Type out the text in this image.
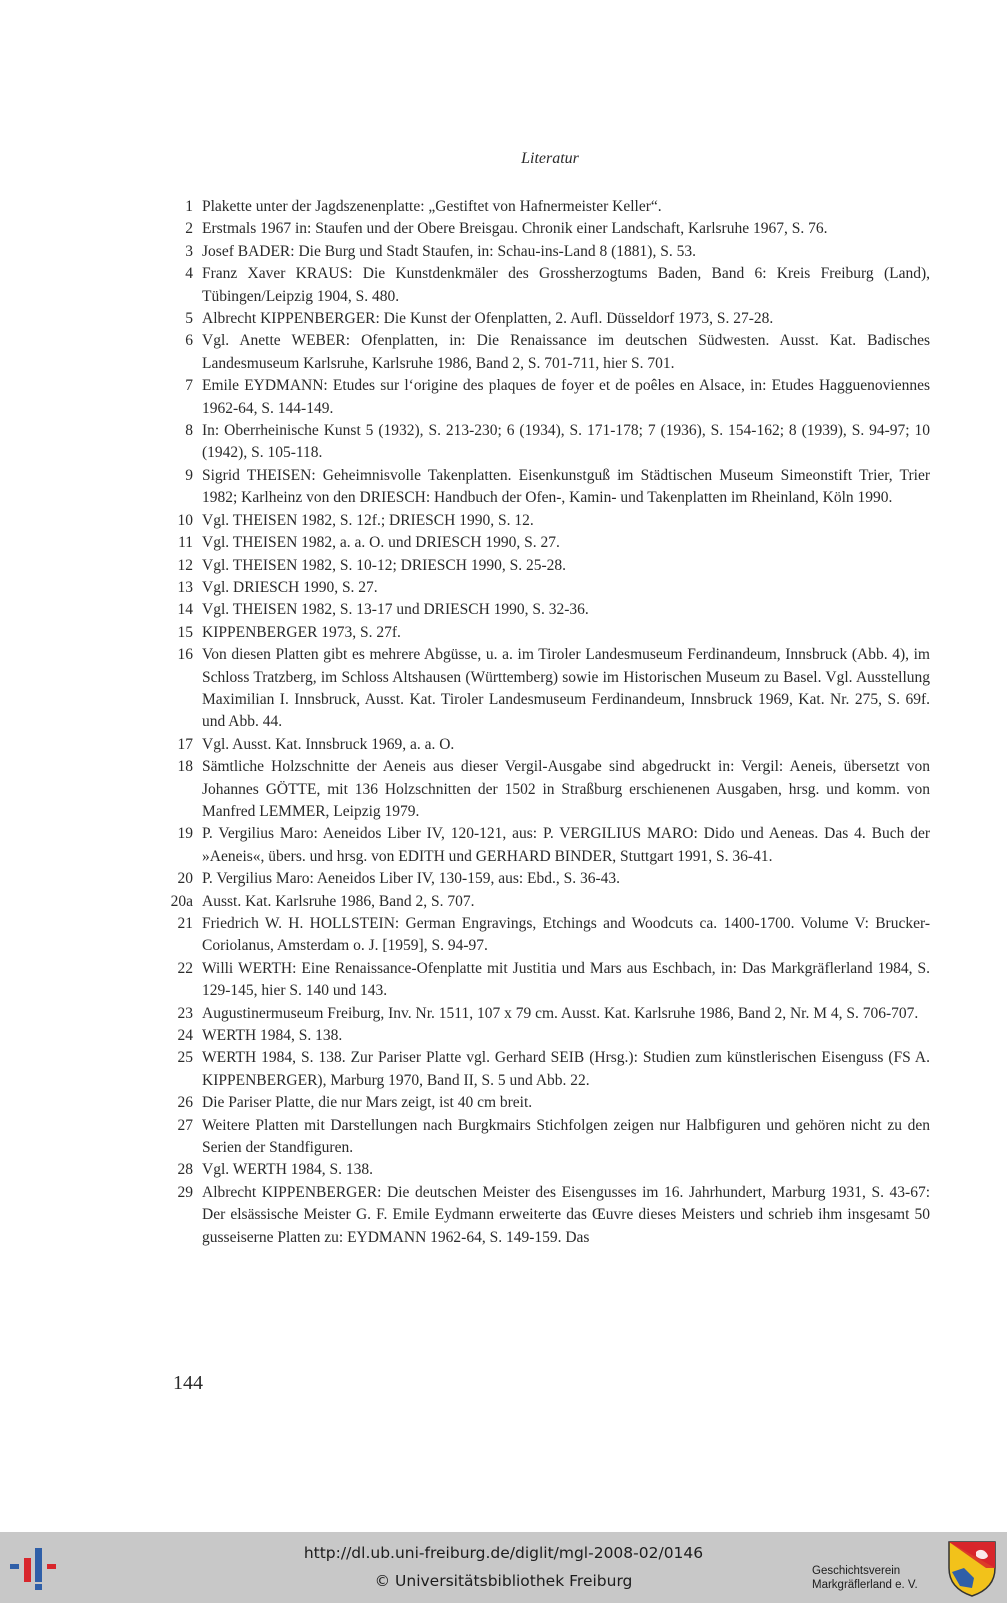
Literatur
1 Plakette unter der Jagdszenenplatte: „Gestiftet von Hafnermeister Keller“.
2 Erstmals 1967 in: Staufen und der Obere Breisgau. Chronik einer Landschaft, Karlsruhe 1967, S. 76.
3 Josef BADER: Die Burg und Stadt Staufen, in: Schau-ins-Land 8 (1881), S. 53.
4 Franz Xaver KRAUS: Die Kunstdenkmäler des Grossherzogtums Baden, Band 6: Kreis Freiburg (Land), Tübingen/Leipzig 1904, S. 480.
5 Albrecht KIPPENBERGER: Die Kunst der Ofenplatten, 2. Aufl. Düsseldorf 1973, S. 27-28.
6 Vgl. Anette WEBER: Ofenplatten, in: Die Renaissance im deutschen Südwesten. Ausst. Kat. Badisches Landesmuseum Karlsruhe, Karlsruhe 1986, Band 2, S. 701-711, hier S. 701.
7 Emile EYDMANN: Etudes sur l‘origine des plaques de foyer et de poêles en Alsace, in: Etudes Hagguenoviennes 1962-64, S. 144-149.
8 In: Oberrheinische Kunst 5 (1932), S. 213-230; 6 (1934), S. 171-178; 7 (1936), S. 154-162; 8 (1939), S. 94-97; 10 (1942), S. 105-118.
9 Sigrid THEISEN: Geheimnisvolle Takenplatten. Eisenkunstguß im Städtischen Museum Simeonstift Trier, Trier 1982; Karlheinz von den DRIESCH: Handbuch der Ofen-, Kamin- und Takenplatten im Rheinland, Köln 1990.
10 Vgl. THEISEN 1982, S. 12f.; DRIESCH 1990, S. 12.
11 Vgl. THEISEN 1982, a. a. O. und DRIESCH 1990, S. 27.
12 Vgl. THEISEN 1982, S. 10-12; DRIESCH 1990, S. 25-28.
13 Vgl. DRIESCH 1990, S. 27.
14 Vgl. THEISEN 1982, S. 13-17 und DRIESCH 1990, S. 32-36.
15 KIPPENBERGER 1973, S. 27f.
16 Von diesen Platten gibt es mehrere Abgüsse, u. a. im Tiroler Landesmuseum Ferdinandeum, Innsbruck (Abb. 4), im Schloss Tratzberg, im Schloss Altshausen (Württemberg) sowie im Historischen Museum zu Basel. Vgl. Ausstellung Maximilian I. Innsbruck, Ausst. Kat. Tiroler Landesmuseum Ferdinandeum, Innsbruck 1969, Kat. Nr. 275, S. 69f. und Abb. 44.
17 Vgl. Ausst. Kat. Innsbruck 1969, a. a. O.
18 Sämtliche Holzschnitte der Aeneis aus dieser Vergil-Ausgabe sind abgedruckt in: Vergil: Aeneis, übersetzt von Johannes GÖTTE, mit 136 Holzschnitten der 1502 in Straßburg erschienenen Ausgaben, hrsg. und komm. von Manfred LEMMER, Leipzig 1979.
19 P. Vergilius Maro: Aeneidos Liber IV, 120-121, aus: P. VERGILIUS MARO: Dido und Aeneas. Das 4. Buch der »Aeneis«, übers. und hrsg. von EDITH und GERHARD BINDER, Stuttgart 1991, S. 36-41.
20 P. Vergilius Maro: Aeneidos Liber IV, 130-159, aus: Ebd., S. 36-43.
20a Ausst. Kat. Karlsruhe 1986, Band 2, S. 707.
21 Friedrich W. H. HOLLSTEIN: German Engravings, Etchings and Woodcuts ca. 1400-1700. Volume V: Brucker-Coriolanus, Amsterdam o. J. [1959], S. 94-97.
22 Willi WERTH: Eine Renaissance-Ofenplatte mit Justitia und Mars aus Eschbach, in: Das Markgräflerland 1984, S. 129-145, hier S. 140 und 143.
23 Augustinermuseum Freiburg, Inv. Nr. 1511, 107 x 79 cm. Ausst. Kat. Karlsruhe 1986, Band 2, Nr. M 4, S. 706-707.
24 WERTH 1984, S. 138.
25 WERTH 1984, S. 138. Zur Pariser Platte vgl. Gerhard SEIB (Hrsg.): Studien zum künstlerischen Eisenguss (FS A. KIPPENBERGER), Marburg 1970, Band II, S. 5 und Abb. 22.
26 Die Pariser Platte, die nur Mars zeigt, ist 40 cm breit.
27 Weitere Platten mit Darstellungen nach Burgkmairs Stichfolgen zeigen nur Halbfiguren und gehören nicht zu den Serien der Standfiguren.
28 Vgl. WERTH 1984, S. 138.
29 Albrecht KIPPENBERGER: Die deutschen Meister des Eisengusses im 16. Jahrhundert, Marburg 1931, S. 43-67: Der elsässische Meister G. F. Emile Eydmann erweiterte das Œuvre dieses Meisters und schrieb ihm insgesamt 50 gusseiserne Platten zu: EYDMANN 1962-64, S. 149-159. Das
144
http://dl.ub.uni-freiburg.de/diglit/mgl-2008-02/0146
© Universitätsbibliothek Freiburg
Geschichtsverein
Markgräflerland e. V.
